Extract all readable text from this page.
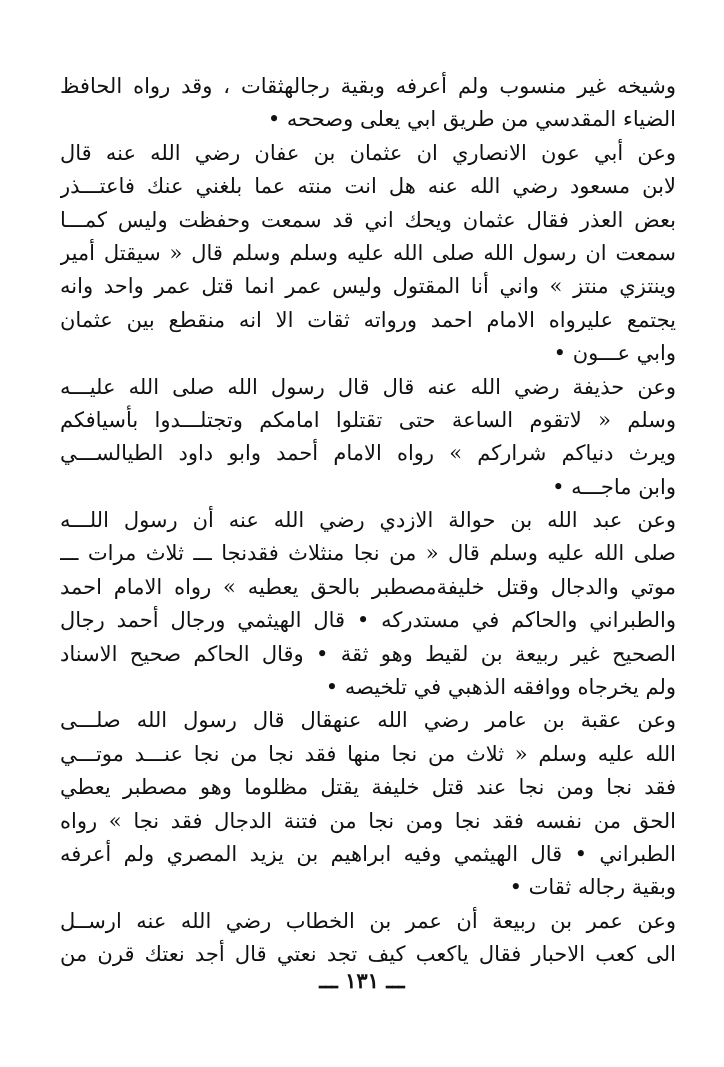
وشيخه غير منسوب ولم أعرفه وبقية رجالهثقات ، وقد رواه الحافظ
الضياء المقدسي من طريق ابي يعلى وصححه •
وعن أبي عون الانصاري ان عثمان بن عفان رضي الله عنه قال
لابن مسعود رضي الله عنه هل انت منته عما بلغني عنك فاعتـــذر
بعض العذر فقال عثمان ويحك اني قد سمعت وحفظت وليس كمـــا
سمعت ان رسول الله صلى الله عليه وسلم وسلم قال « سيقتل أمير
وينتزي منتز » واني أنا المقتول وليس عمر انما قتل عمر واحد وانه
يجتمع عليرواه الامام احمد ورواته ثقات الا انه منقطع بين عثمان
وابي عـــون •
وعن حذيفة رضي الله عنه قال قال رسول الله صلى الله عليـــه
وسلم « لاتقوم الساعة حتى تقتلوا امامكم وتجتلـــدوا بأسيافكم
ويرث دنياكم شراركم » رواه الامام أحمد وابو داود الطيالســـي
وابن ماجـــه •
وعن عبد الله بن حوالة الازدي رضي الله عنه أن رسول اللـــه
صلى الله عليه وسلم قال « من نجا منثلاث فقدنجا ـــ ثلاث مرات ـــ
موتي والدجال وقتل خليفةمصطبر بالحق يعطيه » رواه الامام احمد
والطبراني والحاكم في مستدركه • قال الهيثمي ورجال أحمد رجال
الصحيح غير ربيعة بن لقيط وهو ثقة • وقال الحاكم صحيح الاسناد
ولم يخرجاه ووافقه الذهبي في تلخيصه •
وعن عقبة بن عامر رضي الله عنهقال قال رسول الله صلـــى
الله عليه وسلم « ثلاث من نجا منها فقد نجا من نجا عنـــد موتـــي
فقد نجا ومن نجا عند قتل خليفة يقتل مظلوما وهو مصطبر يعطي
الحق من نفسه فقد نجا ومن نجا من فتنة الدجال فقد نجا » رواه
الطبراني • قال الهيثمي وفيه ابراهيم بن يزيد المصري ولم أعرفه
وبقية رجاله ثقات •
وعن عمر بن ربيعة أن عمر بن الخطاب رضي الله عنه ارســل
الى كعب الاحبار فقال ياكعب كيف تجد نعتي قال أجد نعتك قرن من
ـــ ١٣١ ـــ
